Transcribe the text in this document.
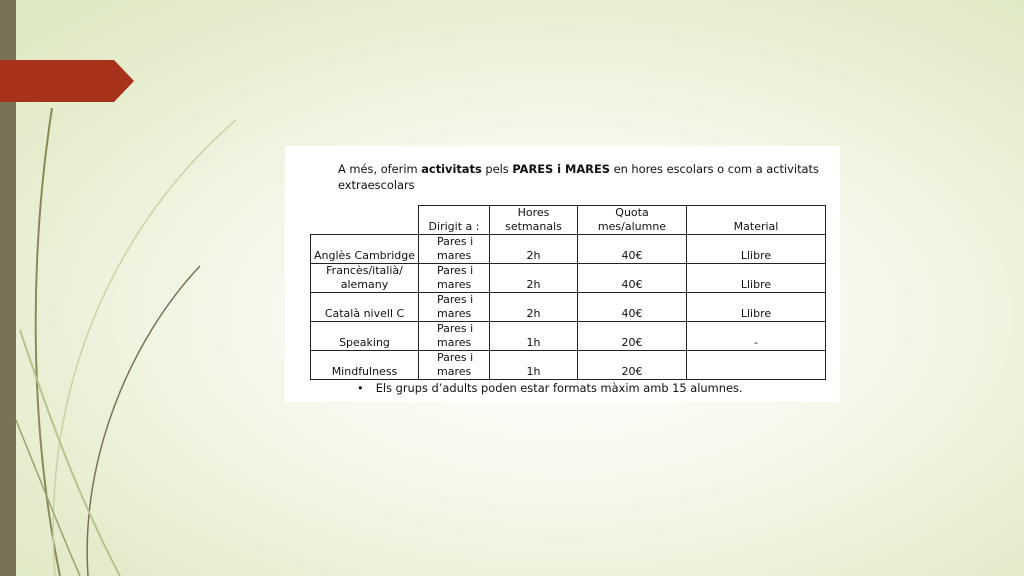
A més, oferim activitats pels PARES i MARES en hores escolars o com a activitats extraescolars
	Dirigit a :	Hores setmanals	Quota mes/alumne	Material
Anglès Cambridge	Pares i mares	2h	40€	Llibre
Francès/italià/ alemany	Pares i mares	2h	40€	Llibre
Català nivell C	Pares i mares	2h	40€	Llibre
Speaking	Pares i mares	1h	20€	-
Mindfulness	Pares i mares	1h	20€	
• Els grups d’adults poden estar formats màxim amb 15 alumnes.
